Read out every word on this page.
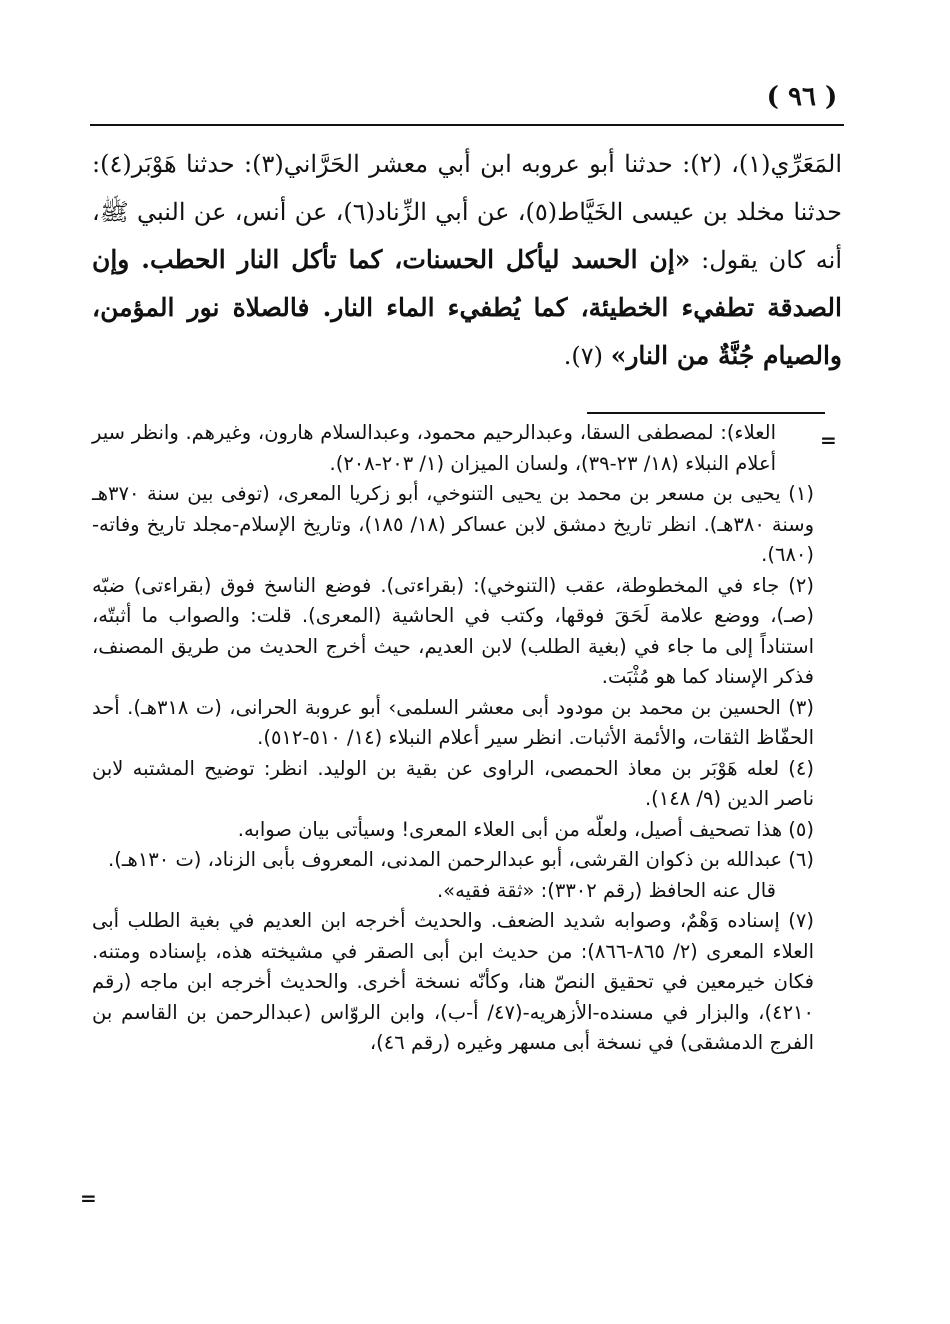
( ٩٦ )

المَعَرِّي(١)، (٢): حدثنا أبو عروبه ابن أبي معشر الحَرَّاني(٣): حدثنا هَوْبَر(٤): حدثنا مخلد بن عيسى الخَيَّاط(٥)، عن أبي الزِّناد(٦)، عن أنس، عن النبي ﷺ، أنه كان يقول: «إن الحسد ليأكل الحسنات، كما تأكل النار الحطب. وإن الصدقة تطفيء الخطيئة، كما يُطفيء الماء النار. فالصلاة نور المؤمن، والصيام جُنَّةٌ من النار» (٧).

=

العلاء): لمصطفى السقا، وعبدالرحيم محمود، وعبدالسلام هارون، وغيرهم. وانظر سير أعلام النبلاء (١٨/ ٢٣-٣٩)، ولسان الميزان (١/ ٢٠٣-٢٠٨).

(١) يحيى بن مسعر بن محمد بن يحيى التنوخي، أبو زكريا المعرى، (توفى بين سنة ٣٧٠هـ وسنة ٣٨٠هـ). انظر تاريخ دمشق لابن عساكر (١٨/ ١٨٥)، وتاريخ الإسلام-مجلد تاريخ وفاته-(٦٨٠).

(٢) جاء في المخطوطة، عقب (التنوخي): (بقراءتى). فوضع الناسخ فوق (بقراءتى) ضبّه (صـ)، ووضع علامة لَحَقَ فوقها، وكتب في الحاشية (المعرى). قلت: والصواب ما أثبتّه، استناداً إلى ما جاء في (بغية الطلب) لابن العديم، حيث أخرج الحديث من طريق المصنف، فذكر الإسناد كما هو مُثْبَت.

(٣) الحسين بن محمد بن مودود أبى معشر السلمى› أبو عروبة الحرانى، (ت ٣١٨هـ). أحد الحفّاظ الثقات، والأئمة الأثبات. انظر سير أعلام النبلاء (١٤/ ٥١٠-٥١٢).

(٤) لعله هَوْبَر بن معاذ الحمصى، الراوى عن بقية بن الوليد. انظر: توضيح المشتبه لابن ناصر الدين (٩/ ١٤٨).

(٥) هذا تصحيف أصيل، ولعلّه من أبى العلاء المعرى! وسيأتى بيان صوابه.

(٦) عبدالله بن ذكوان القرشى، أبو عبدالرحمن المدنى، المعروف بأبى الزناد، (ت ١٣٠هـ).

قال عنه الحافظ (رقم ٣٣٠٢): «ثقة فقيه».

(٧) إسناده وَهْمٌ، وصوابه شديد الضعف. والحديث أخرجه ابن العديم في بغية الطلب أبى العلاء المعرى (٢/ ٨٦٥-٨٦٦): من حديث ابن أبى الصقر في مشيخته هذه، بإسناده ومتنه. فكان خيرمعين في تحقيق النصّ هنا، وكأنّه نسخة أخرى. والحديث أخرجه ابن ماجه (رقم ٤٢١٠)، والبزار في مسنده-الأزهريه-(٤٧/ أ-ب)، وابن الروّاس (عبدالرحمن بن القاسم بن الفرج الدمشقى) في نسخة أبى مسهر وغيره (رقم ٤٦)،

=
